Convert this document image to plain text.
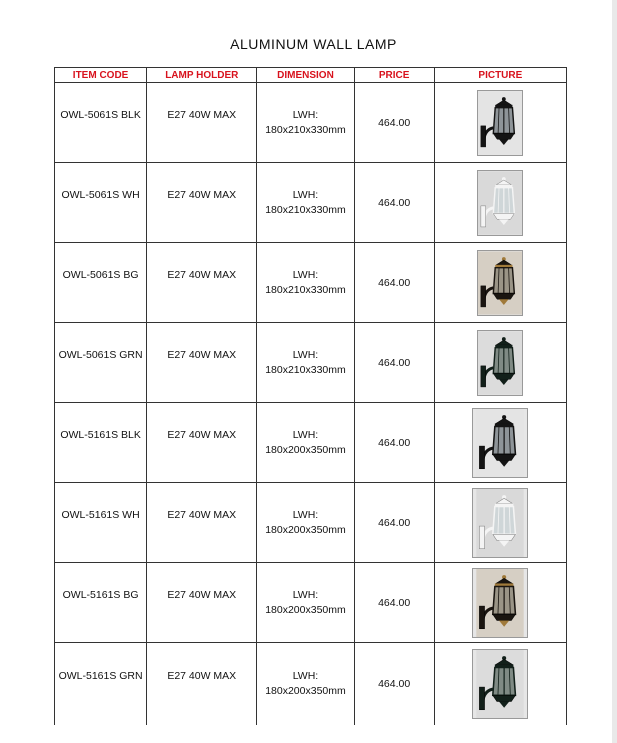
ALUMINUM WALL LAMP
ITEM CODE	LAMP HOLDER	DIMENSION	PRICE	PICTURE
OWL-5061S BLK	E27 40W MAX	LWH:
180x210x330mm	464.00	

OWL-5061S WH	E27 40W MAX	LWH:
180x210x330mm	464.00	

OWL-5061S BG	E27 40W MAX	LWH:
180x210x330mm	464.00	

OWL-5061S GRN	E27 40W MAX	LWH:
180x210x330mm	464.00	

OWL-5161S BLK	E27 40W MAX	LWH:
180x200x350mm	464.00	

OWL-5161S WH	E27 40W MAX	LWH:
180x200x350mm	464.00	

OWL-5161S BG	E27 40W MAX	LWH:
180x200x350mm	464.00	

OWL-5161S GRN	E27 40W MAX	LWH:
180x200x350mm	464.00	
